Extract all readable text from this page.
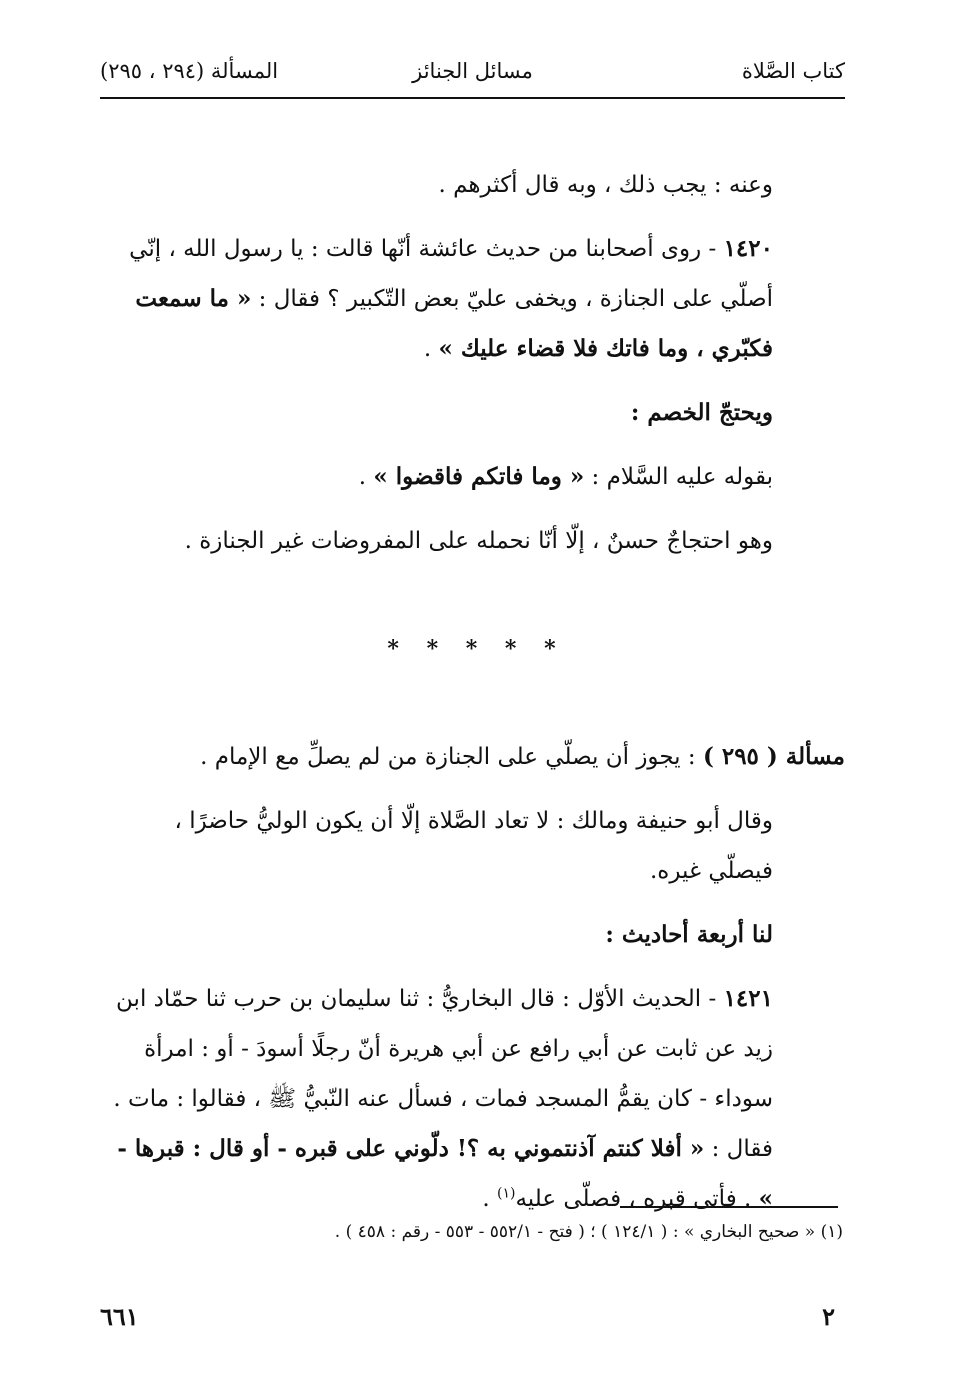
كتاب الصَّلاة
مسائل الجنائز
المسألة (٢٩٤ ، ٢٩٥)

وعنه : يجب ذلك ، وبه قال أكثرهم .

١٤٢٠ - روى أصحابنا من حديث عائشة أنّها قالت : يا رسول الله ، إنّي أصلّي على الجنازة ، ويخفى عليّ بعض التّكبير ؟ فقال : « ما سمعت فكبّري ، وما فاتك فلا قضاء عليك » .

ويحتجّ الخصم :

بقوله عليه السَّلام : « وما فاتكم فاقضوا » .

وهو احتجاجٌ حسنٌ ، إلّا أنّا نحمله على المفروضات غير الجنازة .

* * * * *

مسألة ( ٢٩٥ ) : يجوز أن يصلّي على الجنازة من لم يصلِّ مع الإمام .

وقال أبو حنيفة ومالك : لا تعاد الصَّلاة إلّا أن يكون الوليُّ حاضرًا ، فيصلّي غيره.

لنا أربعة أحاديث :

١٤٢١ - الحديث الأوّل : قال البخاريُّ : ثنا سليمان بن حرب ثنا حمّاد ابن زيد عن ثابت عن أبي رافع عن أبي هريرة أنّ رجلًا أسودَ - أو : امرأة سوداء - كان يقمُّ المسجد فمات ، فسأل عنه النّبيُّ ﷺ ، فقالوا : مات . فقال : « أفلا كنتم آذنتموني به ؟! دلّوني على قبره - أو قال : قبرها - » . فأتى قبره ، فصلّى عليه$^{(١)}$ .

(١) « صحيح البخاري » : ( ١٢٤/١ ) ؛ ( فتح - ٥٥٢/١ - ٥٥٣ - رقم : ٤٥٨ ) .
٢
٦٦١
